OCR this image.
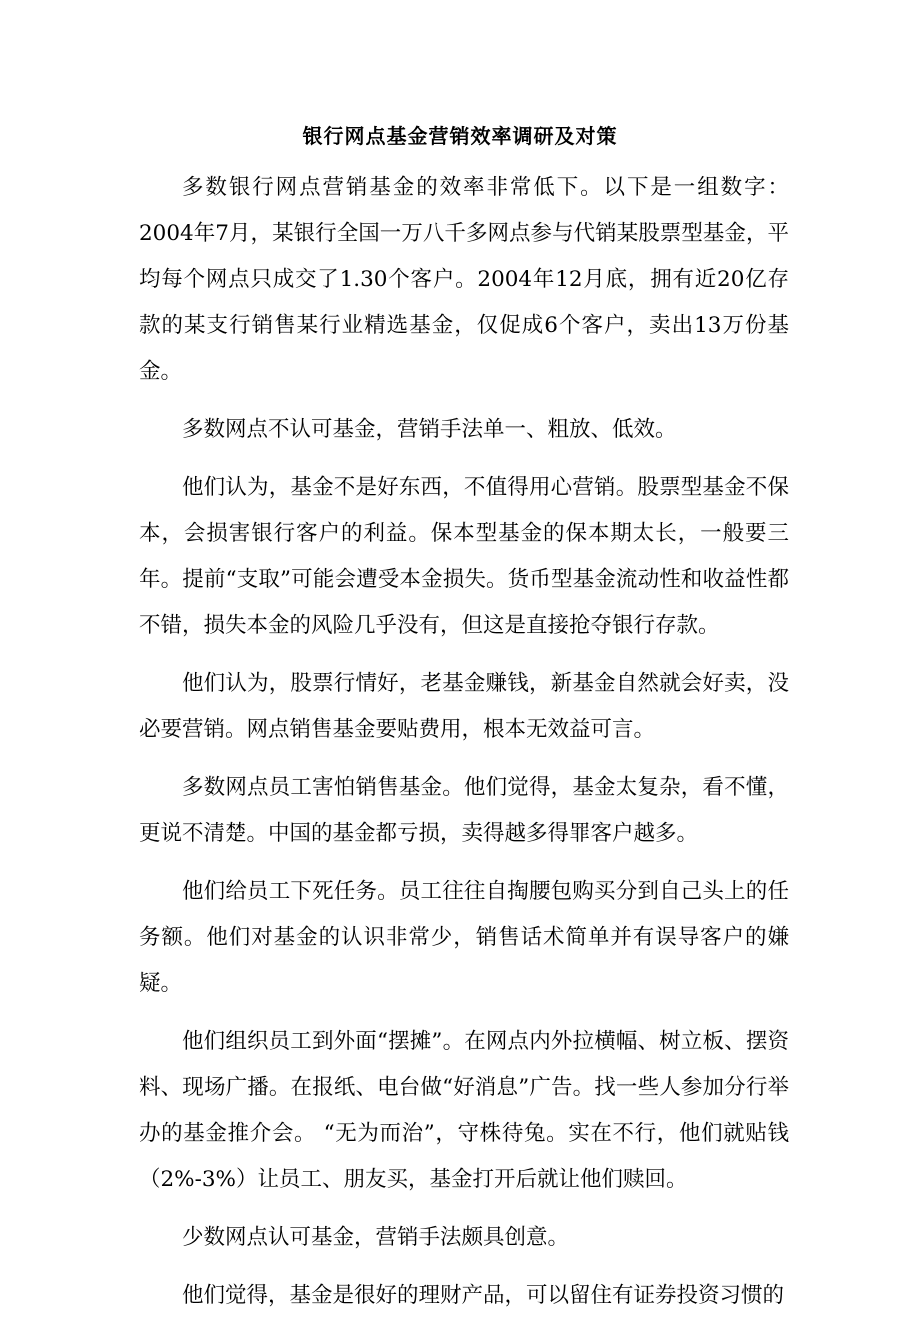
银行网点基金营销效率调研及对策

多数银行网点营销基金的效率非常低下。以下是一组数字：2004年7月，某银行全国一万八千多网点参与代销某股票型基金，平均每个网点只成交了1.30个客户。2004年12月底，拥有近20亿存款的某支行销售某行业精选基金，仅促成6个客户，卖出13万份基金。

多数网点不认可基金，营销手法单一、粗放、低效。

他们认为，基金不是好东西，不值得用心营销。股票型基金不保本，会损害银行客户的利益。保本型基金的保本期太长，一般要三年。提前“支取”可能会遭受本金损失。货币型基金流动性和收益性都不错，损失本金的风险几乎没有，但这是直接抢夺银行存款。

他们认为，股票行情好，老基金赚钱，新基金自然就会好卖，没必要营销。网点销售基金要贴费用，根本无效益可言。

多数网点员工害怕销售基金。他们觉得，基金太复杂，看不懂，更说不清楚。中国的基金都亏损，卖得越多得罪客户越多。

他们给员工下死任务。员工往往自掏腰包购买分到自己头上的任务额。他们对基金的认识非常少，销售话术简单并有误导客户的嫌疑。

他们组织员工到外面“摆摊”。在网点内外拉横幅、树立板、摆资料、现场广播。在报纸、电台做“好消息”广告。找一些人参加分行举办的基金推介会。 “无为而治”，守株待兔。实在不行，他们就贴钱（2%-3%）让员工、朋友买，基金打开后就让他们赎回。

少数网点认可基金，营销手法颇具创意。

他们觉得，基金是很好的理财产品，可以留住有证券投资习惯的
